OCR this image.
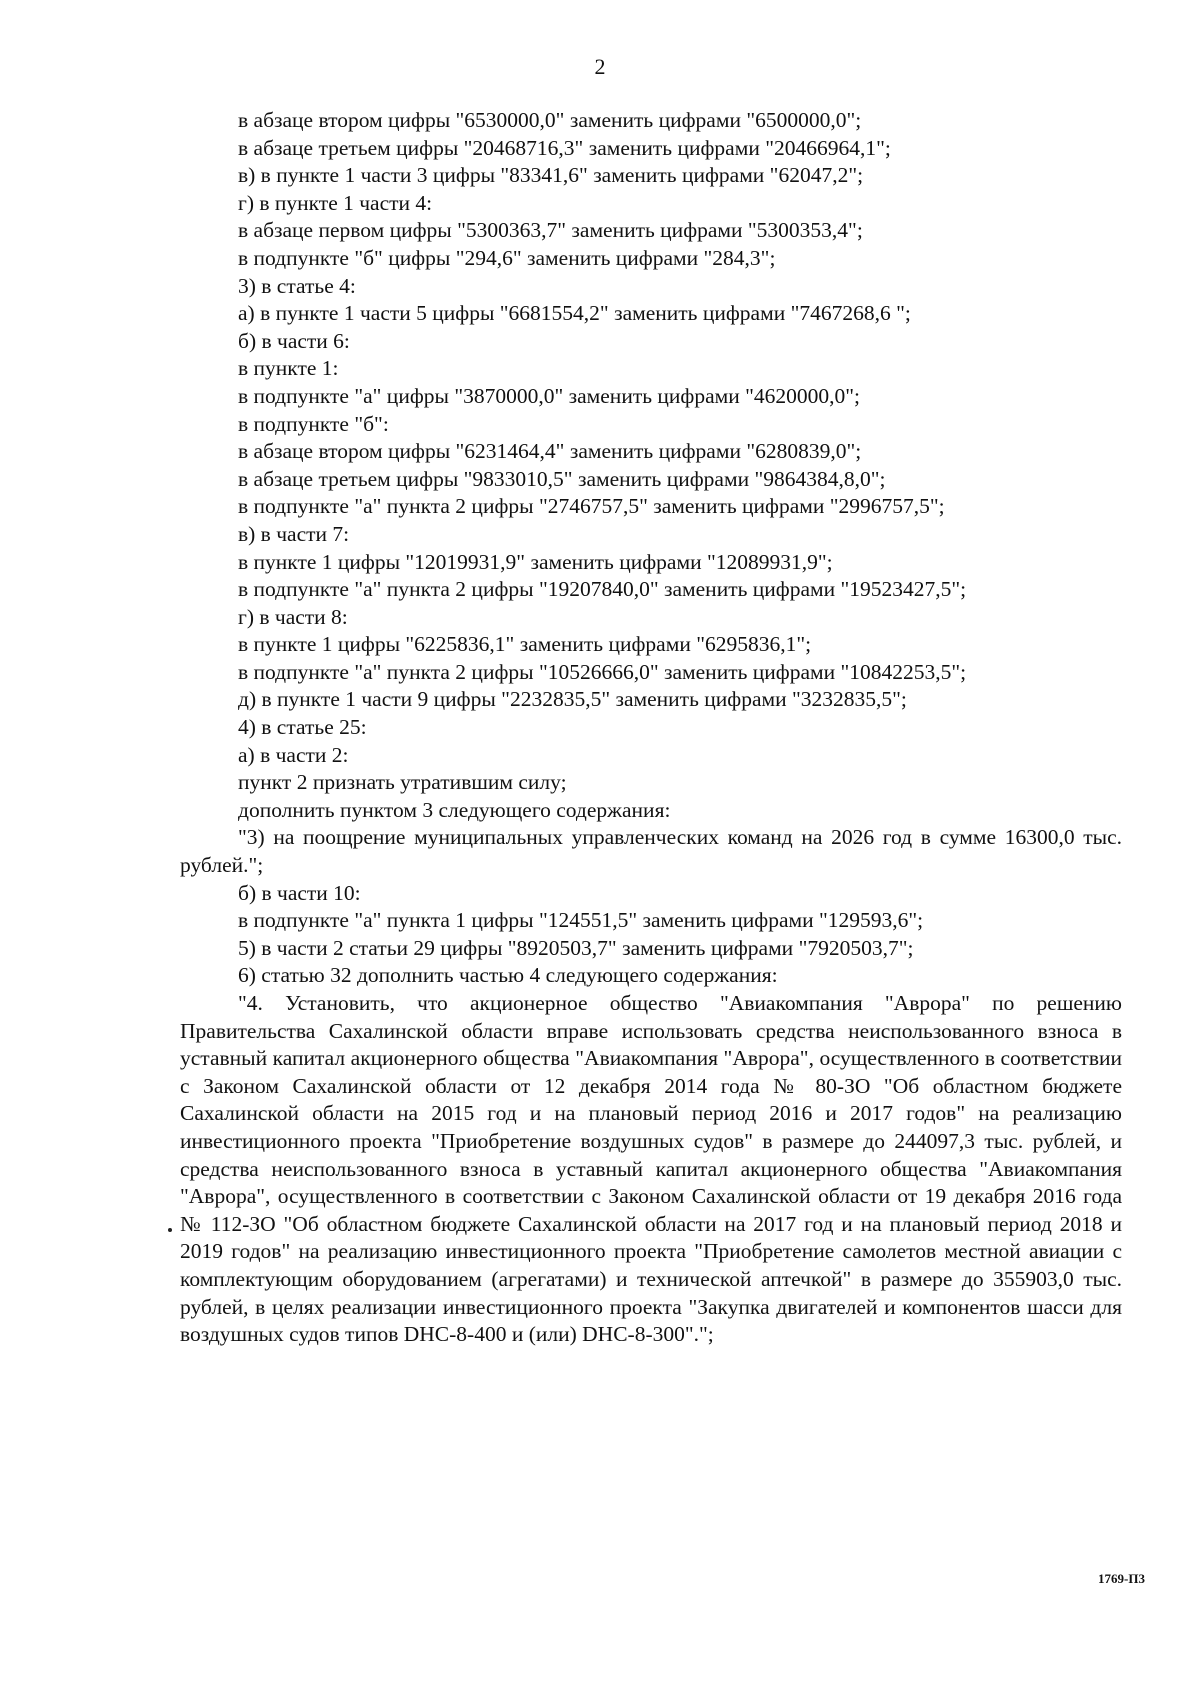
2
в абзаце втором цифры "6530000,0" заменить цифрами "6500000,0";
в абзаце третьем цифры "20468716,3" заменить цифрами "20466964,1";
в) в пункте 1 части 3 цифры "83341,6" заменить цифрами "62047,2";
г) в пункте 1 части 4:
в абзаце первом цифры "5300363,7" заменить цифрами "5300353,4";
в подпункте "б" цифры "294,6" заменить цифрами "284,3";
3) в статье 4:
а) в пункте 1 части 5 цифры "6681554,2" заменить цифрами "7467268,6 ";
б) в части 6:
в пункте 1:
в подпункте "а" цифры "3870000,0" заменить цифрами "4620000,0";
в подпункте "б":
в абзаце втором цифры "6231464,4" заменить цифрами "6280839,0";
в абзаце третьем цифры "9833010,5" заменить цифрами "9864384,8,0";
в подпункте "а" пункта 2 цифры "2746757,5" заменить цифрами "2996757,5";
в) в части 7:
в пункте 1 цифры "12019931,9" заменить цифрами "12089931,9";
в подпункте "а" пункта 2 цифры "19207840,0" заменить цифрами "19523427,5";
г) в части 8:
в пункте 1 цифры "6225836,1" заменить цифрами "6295836,1";
в подпункте "а" пункта 2 цифры "10526666,0" заменить цифрами "10842253,5";
д) в пункте 1 части 9 цифры "2232835,5" заменить цифрами "3232835,5";
4) в статье 25:
а) в части 2:
пункт 2 признать утратившим силу;
дополнить пунктом 3 следующего содержания:
"3) на поощрение муниципальных управленческих команд на 2026 год в сумме 16300,0 тыс. рублей.";
б) в части 10:
в подпункте "а" пункта 1 цифры "124551,5" заменить цифрами "129593,6";
5) в части 2 статьи 29 цифры "8920503,7" заменить цифрами "7920503,7";
6) статью 32 дополнить частью 4 следующего содержания:
"4. Установить, что акционерное общество "Авиакомпания "Аврора" по решению Правительства Сахалинской области вправе использовать средства неиспользованного взноса в уставный капитал акционерного общества "Авиакомпания "Аврора", осуществленного в соответствии с Законом Сахалинской области от 12 декабря 2014 года № 80-ЗО "Об областном бюджете Сахалинской области на 2015 год и на плановый период 2016 и 2017 годов" на реализацию инвестиционного проекта "Приобретение воздушных судов" в размере до 244097,3 тыс. рублей, и средства неиспользованного взноса в уставный капитал акционерного общества "Авиакомпания "Аврора", осуществленного в соответствии с Законом Сахалинской области от 19 декабря 2016 года № 112-ЗО "Об областном бюджете Сахалинской области на 2017 год и на плановый период 2018 и 2019 годов" на реализацию инвестиционного проекта "Приобретение самолетов местной авиации с комплектующим оборудованием (агрегатами) и технической аптечкой" в размере до 355903,0 тыс. рублей, в целях реализации инвестиционного проекта "Закупка двигателей и компонентов шасси для воздушных судов типов DHC-8-400 и (или) DHC-8-300".";
1769-П3
